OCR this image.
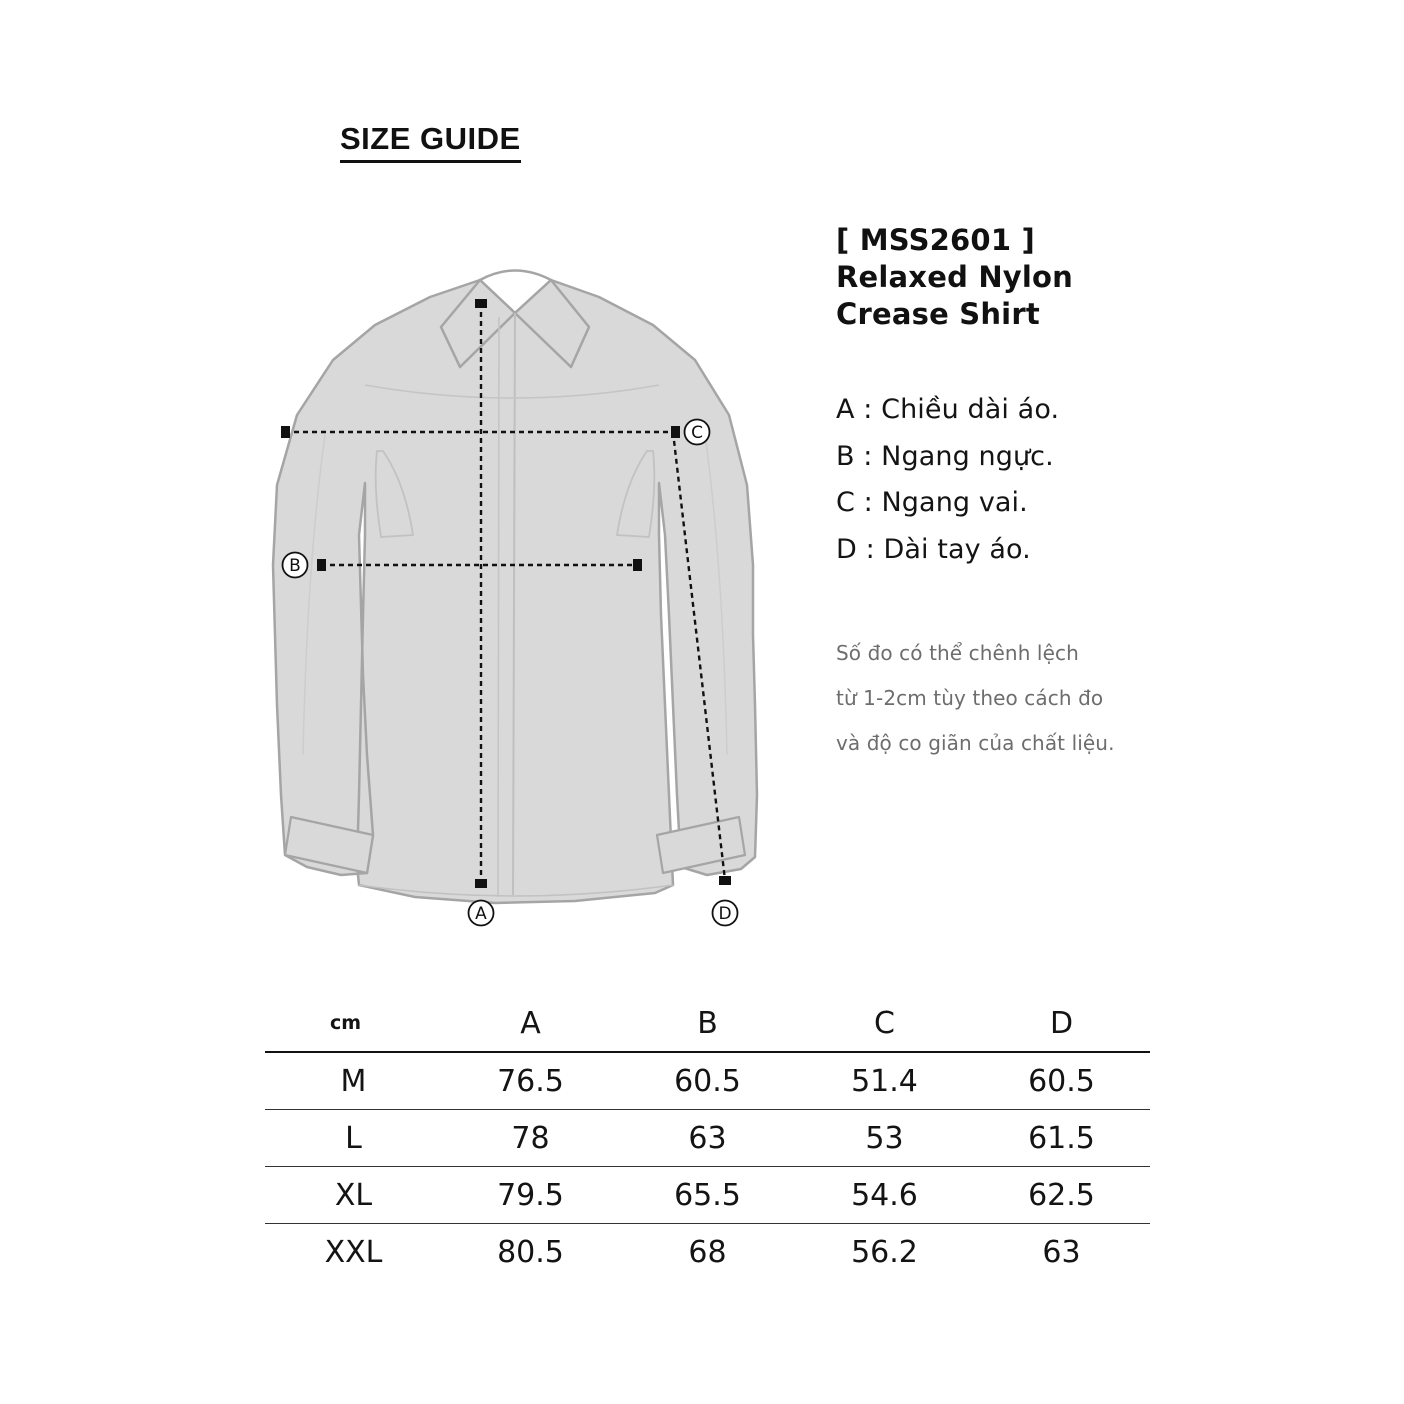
SIZE GUIDE
C
B
A	D
[ MSS2601 ]
Relaxed Nylon
Crease Shirt
A : Chiều dài áo.
B : Ngang ngực.
C : Ngang vai.
D : Dài tay áo.
Số đo có thể chênh lệch
từ 1-2cm tùy theo cách đo
và độ co giãn của chất liệu.
cm	A	B	C	D
M	76.5	60.5	51.4	60.5
L	78	63	53	61.5
XL	79.5	65.5	54.6	62.5
XXL	80.5	68	56.2	63
